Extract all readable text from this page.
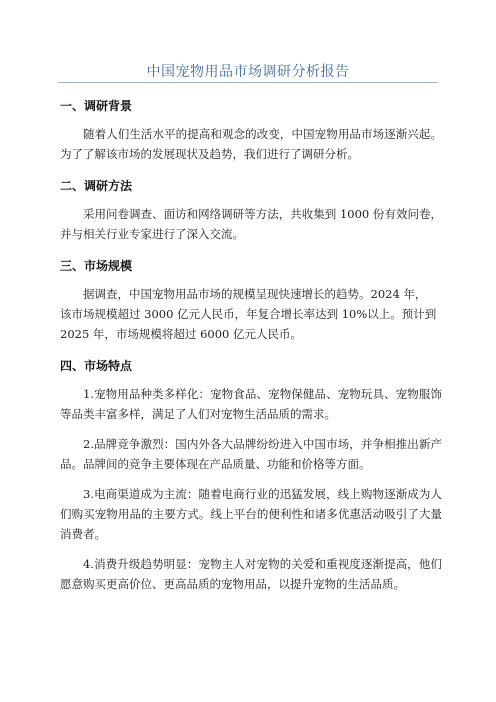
中国宠物用品市场调研分析报告
一、调研背景

随着人们生活水平的提高和观念的改变，中国宠物用品市场逐渐兴起。为了了解该市场的发展现状及趋势，我们进行了调研分析。

二、调研方法

采用问卷调查、面访和网络调研等方法，共收集到 1000 份有效问卷，并与相关行业专家进行了深入交流。

三、市场规模

据调查，中国宠物用品市场的规模呈现快速增长的趋势。2024 年，
该市场规模超过 3000 亿元人民币，年复合增长率达到 10%以上。预计到
2025 年，市场规模将超过 6000 亿元人民币。

四、市场特点

1.宠物用品种类多样化：宠物食品、宠物保健品、宠物玩具、宠物服饰等品类丰富多样，满足了人们对宠物生活品质的需求。

2.品牌竞争激烈：国内外各大品牌纷纷进入中国市场，并争相推出新产品。品牌间的竞争主要体现在产品质量、功能和价格等方面。

3.电商渠道成为主流：随着电商行业的迅猛发展，线上购物逐渐成为人们购买宠物用品的主要方式。线上平台的便利性和诸多优惠活动吸引了大量消费者。

4.消费升级趋势明显：宠物主人对宠物的关爱和重视度逐渐提高，他们愿意购买更高价位、更高品质的宠物用品，以提升宠物的生活品质。
